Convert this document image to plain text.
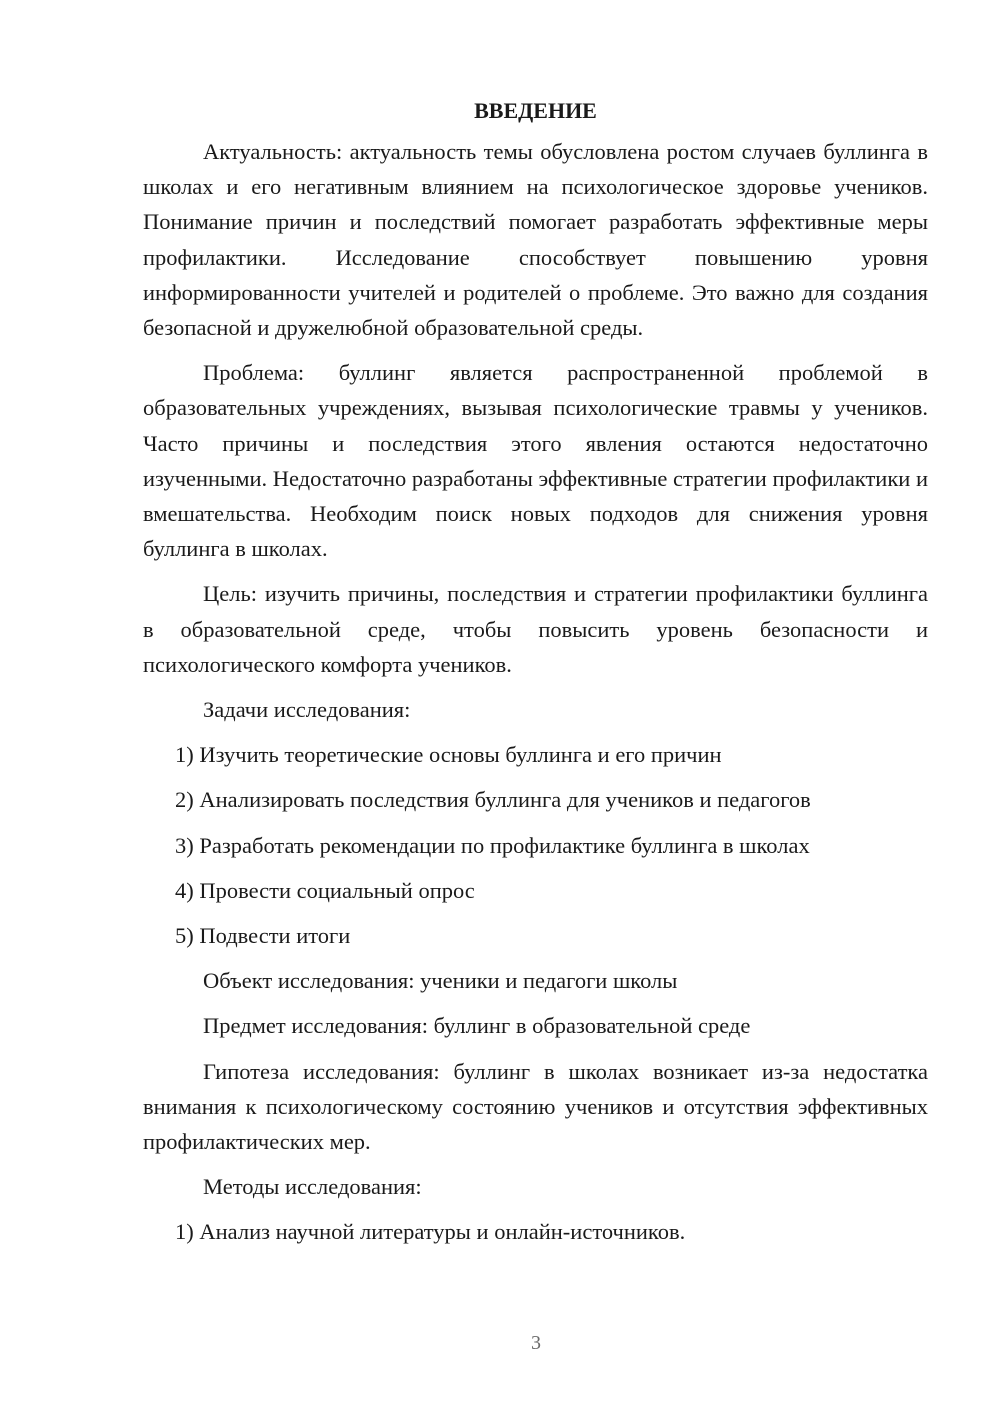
ВВЕДЕНИЕ

Актуальность: актуальность темы обусловлена ростом случаев буллинга в школах и его негативным влиянием на психологическое здоровье учеников. Понимание причин и последствий помогает разработать эффективные меры профилактики. Исследование способствует повышению уровня информированности учителей и родителей о проблеме. Это важно для создания безопасной и дружелюбной образовательной среды.

Проблема: буллинг является распространенной проблемой в образовательных учреждениях, вызывая психологические травмы у учеников. Часто причины и последствия этого явления остаются недостаточно изученными. Недостаточно разработаны эффективные стратегии профилактики и вмешательства. Необходим поиск новых подходов для снижения уровня буллинга в школах.

Цель: изучить причины, последствия и стратегии профилактики буллинга в образовательной среде, чтобы повысить уровень безопасности и психологического комфорта учеников.

Задачи исследования:

1) Изучить теоретические основы буллинга и его причин
2) Анализировать последствия буллинга для учеников и педагогов
3) Разработать рекомендации по профилактике буллинга в школах
4) Провести социальный опрос
5) Подвести итоги

Объект исследования: ученики и педагоги школы

Предмет исследования: буллинг в образовательной среде

Гипотеза исследования: буллинг в школах возникает из-за недостатка внимания к психологическому состоянию учеников и отсутствия эффективных профилактических мер.

Методы исследования:

1) Анализ научной литературы и онлайн-источников.
3
